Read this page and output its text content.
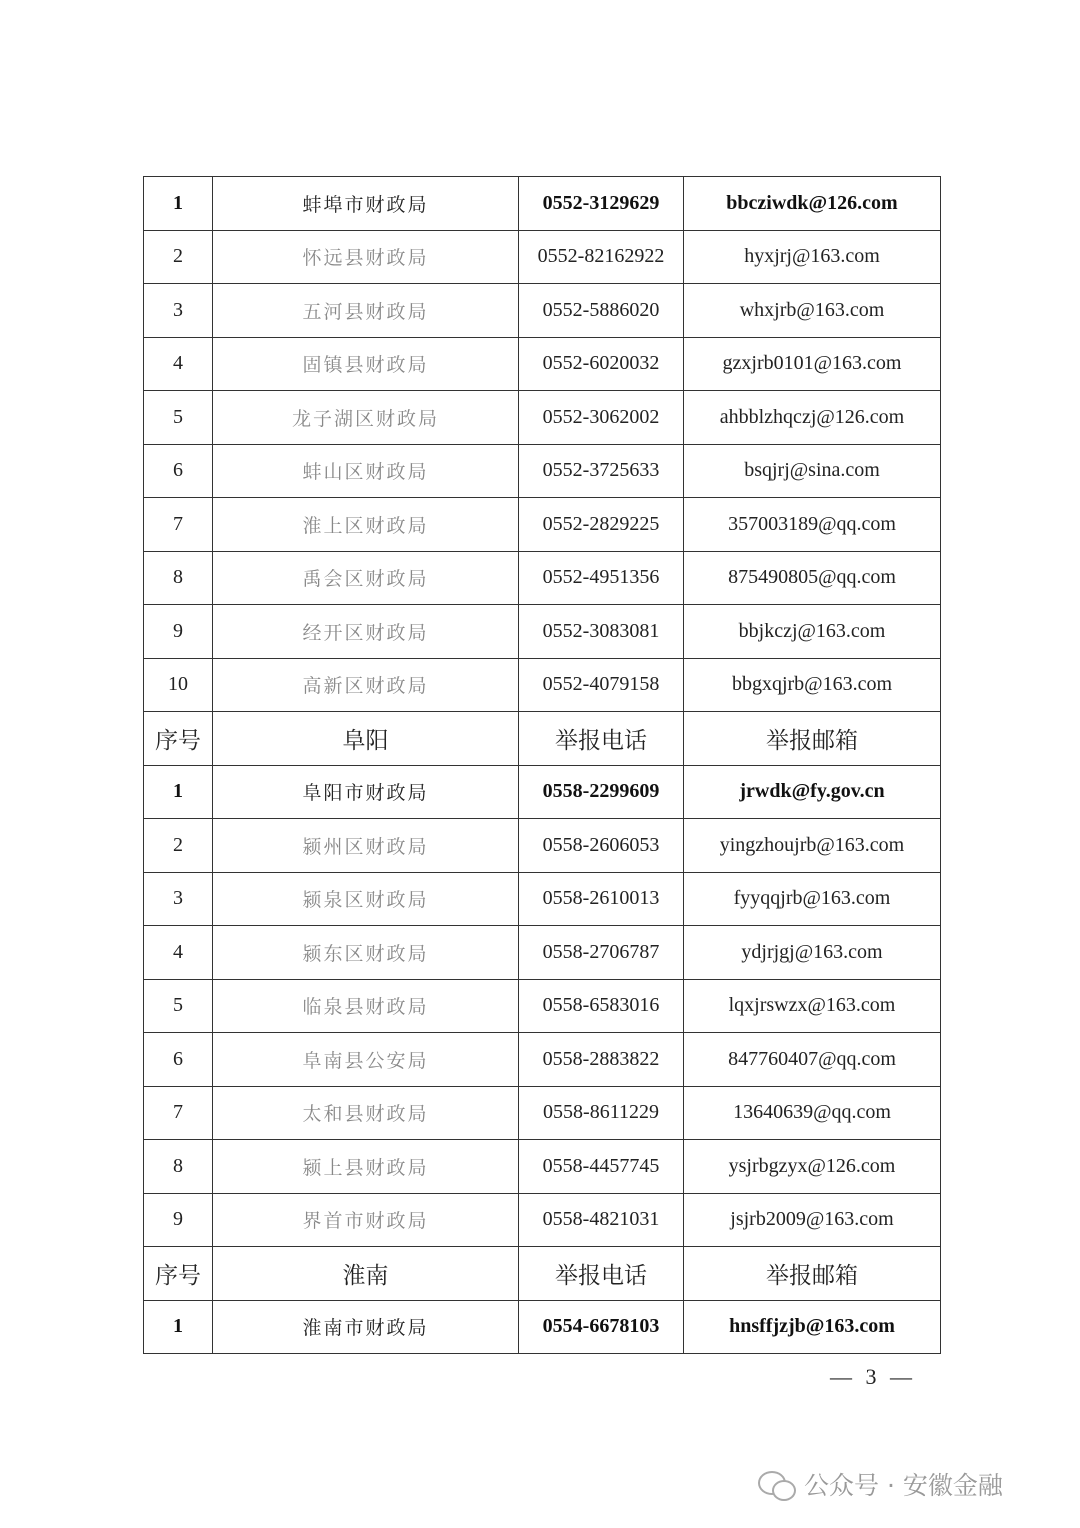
1	蚌埠市财政局	0552-3129629	bbcziwdk@126.com
2	怀远县财政局	0552-82162922	hyxjrj@163.com
3	五河县财政局	0552-5886020	whxjrb@163.com
4	固镇县财政局	0552-6020032	gzxjrb0101@163.com
5	龙子湖区财政局	0552-3062002	ahbblzhqczj@126.com
6	蚌山区财政局	0552-3725633	bsqjrj@sina.com
7	淮上区财政局	0552-2829225	357003189@qq.com
8	禹会区财政局	0552-4951356	875490805@qq.com
9	经开区财政局	0552-3083081	bbjkczj@163.com
10	高新区财政局	0552-4079158	bbgxqjrb@163.com
序号	阜阳	举报电话	举报邮箱
1	阜阳市财政局	0558-2299609	jrwdk@fy.gov.cn
2	颍州区财政局	0558-2606053	yingzhoujrb@163.com
3	颍泉区财政局	0558-2610013	fyyqqjrb@163.com
4	颍东区财政局	0558-2706787	ydjrjgj@163.com
5	临泉县财政局	0558-6583016	lqxjrswzx@163.com
6	阜南县公安局	0558-2883822	847760407@qq.com
7	太和县财政局	0558-8611229	13640639@qq.com
8	颍上县财政局	0558-4457745	ysjrbgzyx@126.com
9	界首市财政局	0558-4821031	jsjrb2009@163.com
序号	淮南	举报电话	举报邮箱
1	淮南市财政局	0554-6678103	hnsffjzjb@163.com
— 3 —
公众号 · 安徽金融
